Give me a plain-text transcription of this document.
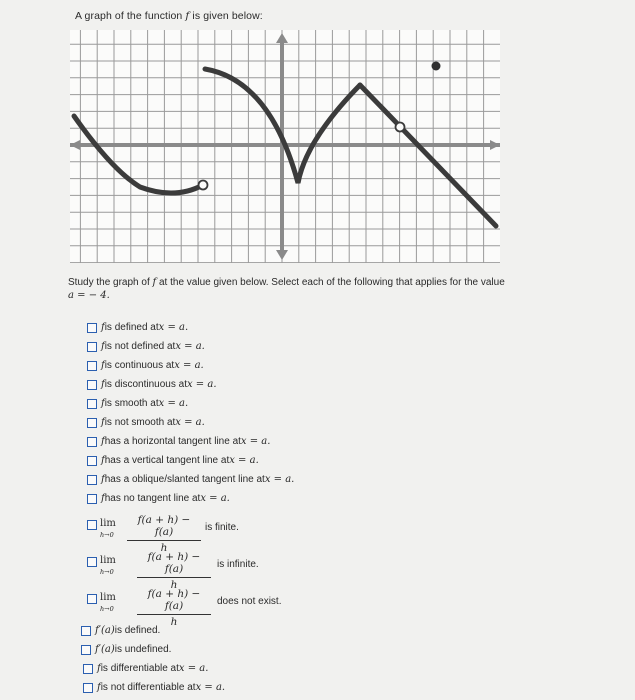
A graph of the function f is given below:
Study the graph of f at the value given below. Select each of the following that applies for the value
a = − 4.
f is defined at x = a.
f is not defined at x = a.
f is continuous at x = a.
f is discontinuous at x = a.
f is smooth at x = a.
f is not smooth at x = a.
f has a horizontal tangent line at x = a.
f has a vertical tangent line at x = a.
f has a oblique/slanted tangent line at x = a.
f has no tangent line at x = a.
lim
$h\to 0 \frac{f(a + h) - f(a)}{h}$ is finite.
lim
$h\to 0 \frac{f(a + h) - f(a)}{h}$ is infinite.
lim
$h\to 0 \frac{f(a + h) - f(a)}{h}$ does not exist.
f′(a) is defined.
f′(a) is undefined.
f is differentiable at x = a.
f is not differentiable at x = a.
